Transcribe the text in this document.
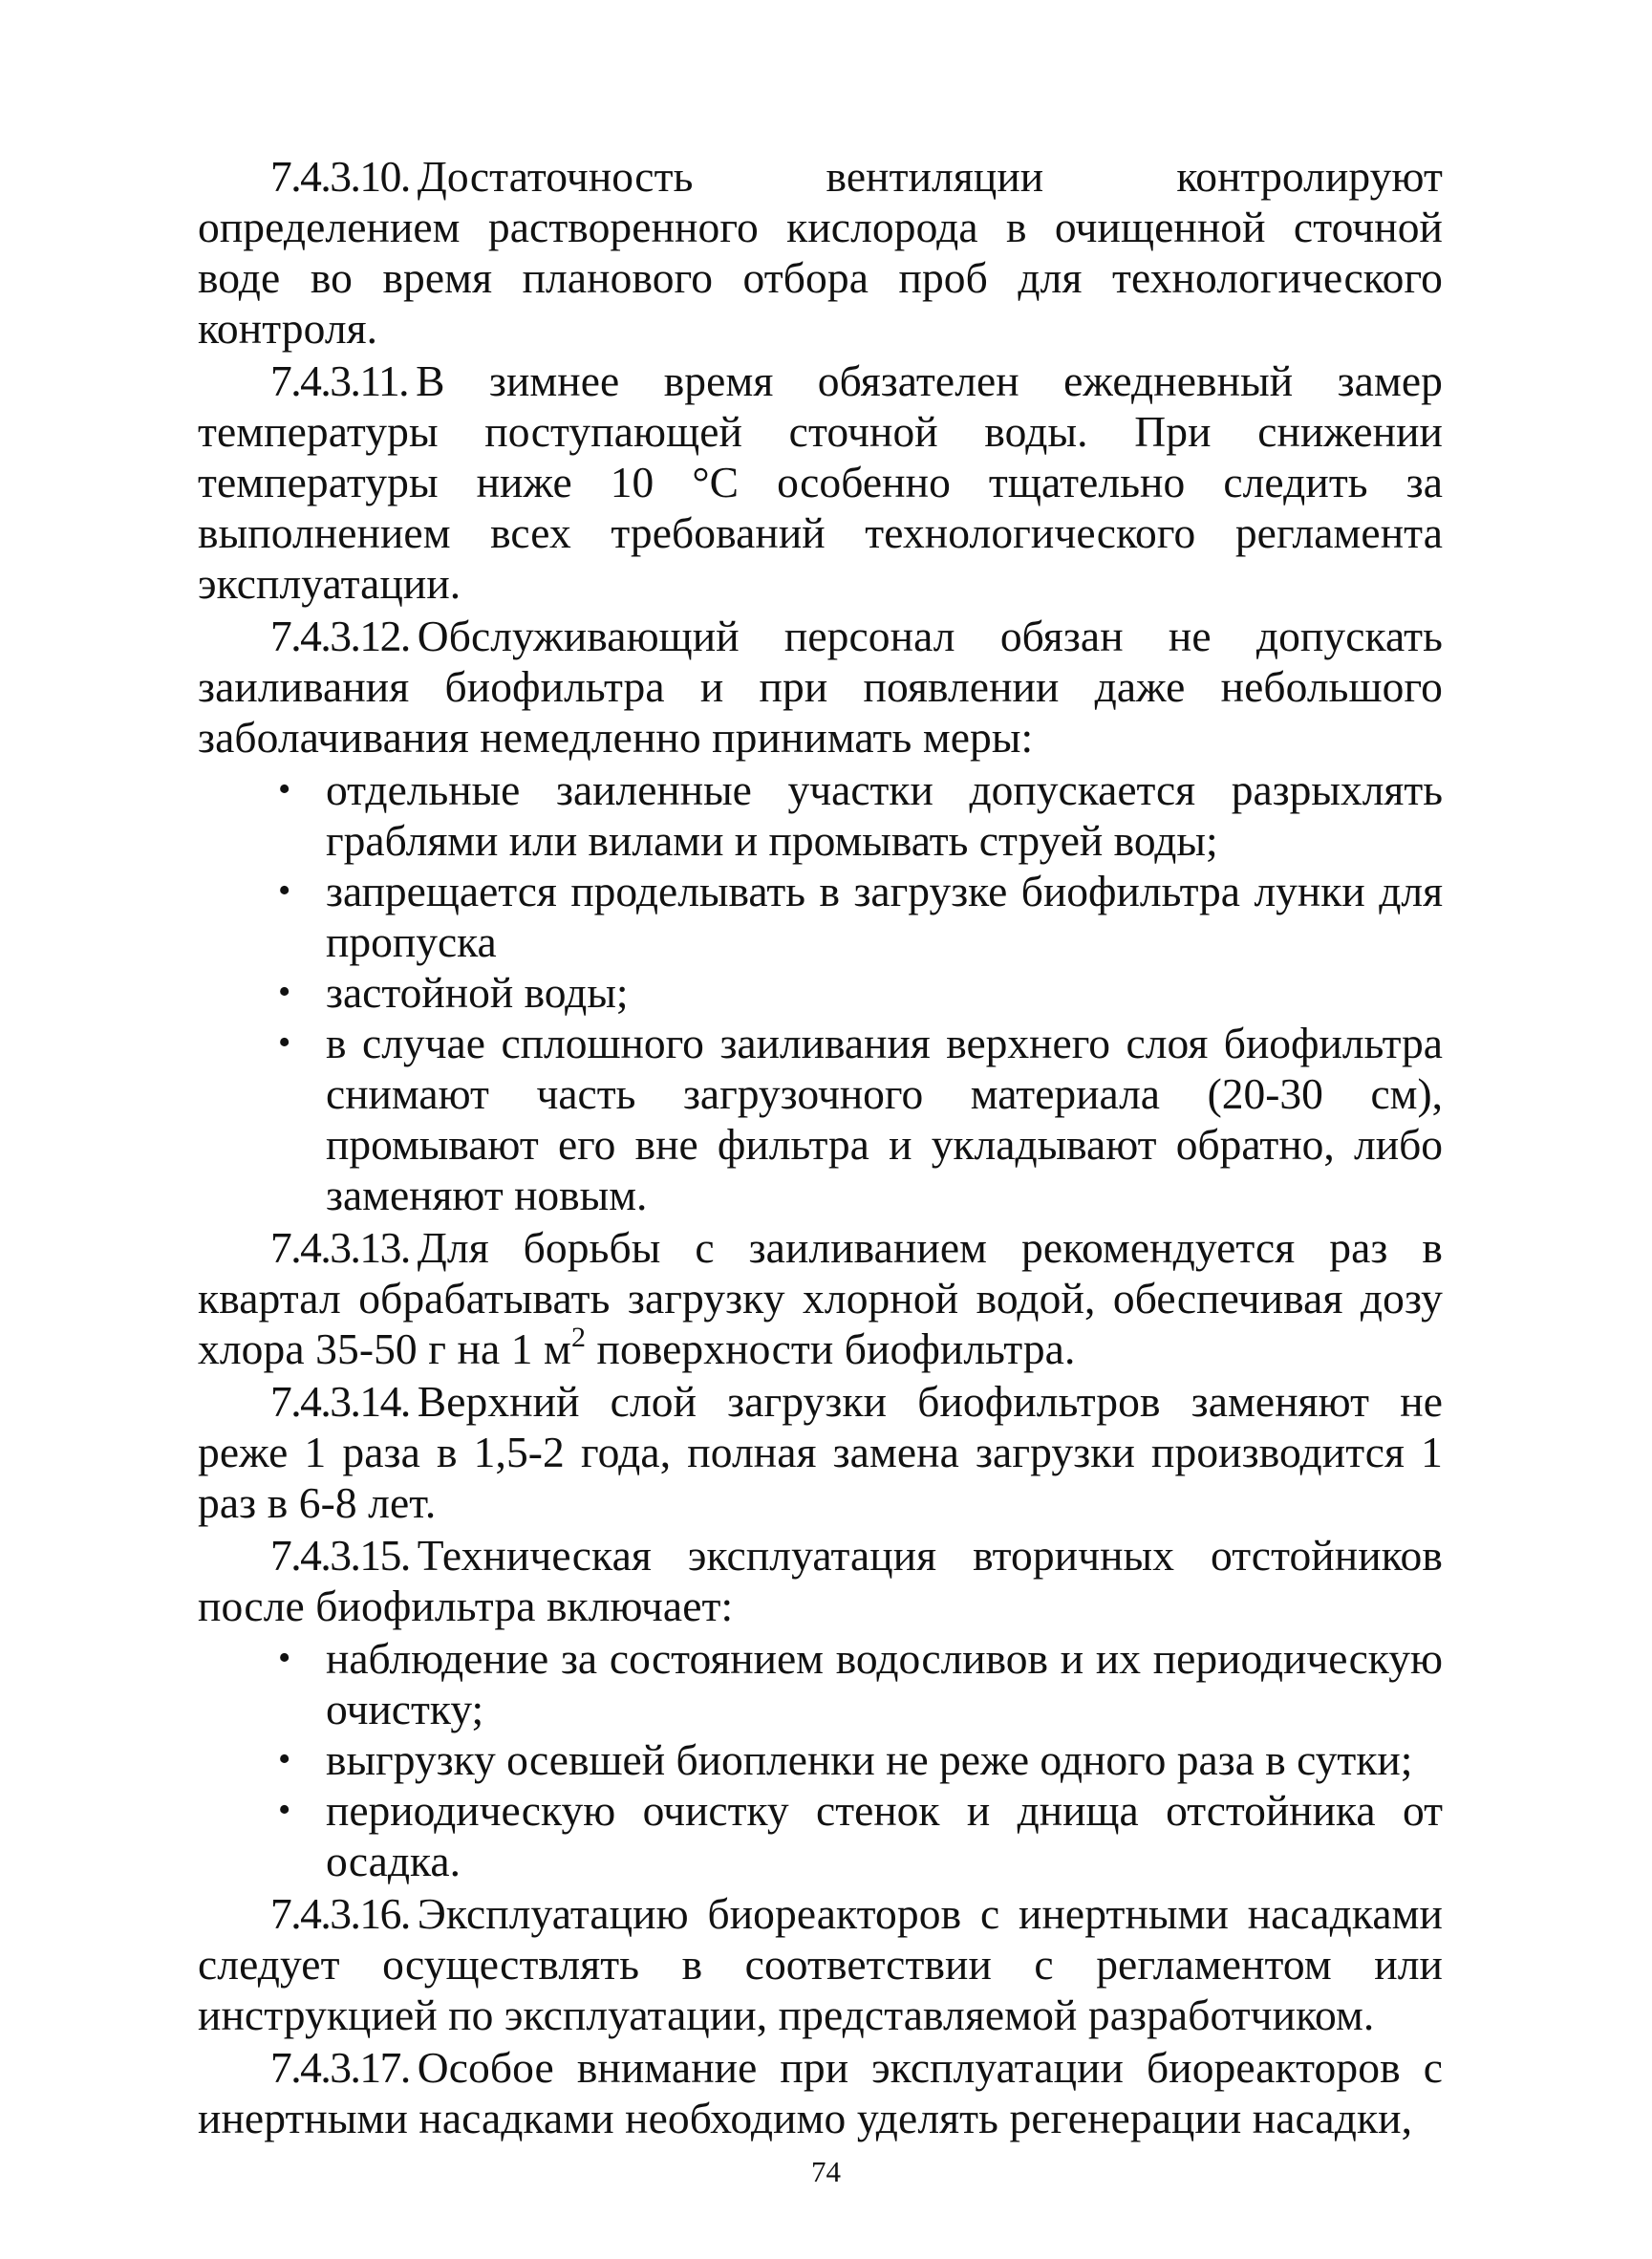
7.4.3.10. Достаточность вентиляции контролируют определением растворенного кислорода в очищенной сточной воде во время планового отбора проб для технологического контроля.

7.4.3.11. В зимнее время обязателен ежедневный замер температуры поступающей сточной воды. При снижении температуры ниже 10 °С особенно тщательно следить за выполнением всех требований технологического регламента эксплуатации.

7.4.3.12. Обслуживающий персонал обязан не допускать заиливания биофильтра и при появлении даже небольшого заболачивания немедленно принимать меры:

• отдельные заиленные участки допускается разрыхлять граблями или вилами и промывать струей воды;
• запрещается проделывать в загрузке биофильтра лунки для пропуска
• застойной воды;
• в случае сплошного заиливания верхнего слоя биофильтра снимают часть загрузочного материала (20-30 см), промывают его вне фильтра и укладывают обратно, либо заменяют новым.

7.4.3.13. Для борьбы с заиливанием рекомендуется раз в квартал обрабатывать загрузку хлорной водой, обеспечивая дозу хлора 35-50 г на 1 $м^2$ поверхности биофильтра.

7.4.3.14. Верхний слой загрузки биофильтров заменяют не реже 1 раза в 1,5-2 года, полная замена загрузки производится 1 раз в 6-8 лет.

7.4.3.15. Техническая эксплуатация вторичных отстойников после биофильтра включает:

• наблюдение за состоянием водосливов и их периодическую очистку;
• выгрузку осевшей биопленки не реже одного раза в сутки;
• периодическую очистку стенок и днища отстойника от осадка.

7.4.3.16. Эксплуатацию биореакторов с инертными насадками следует осуществлять в соответствии с регламентом или инструкцией по эксплуатации, представляемой разработчиком.

7.4.3.17. Особое внимание при эксплуатации биореакторов с инертными насадками необходимо уделять регенерации насадки,

74
